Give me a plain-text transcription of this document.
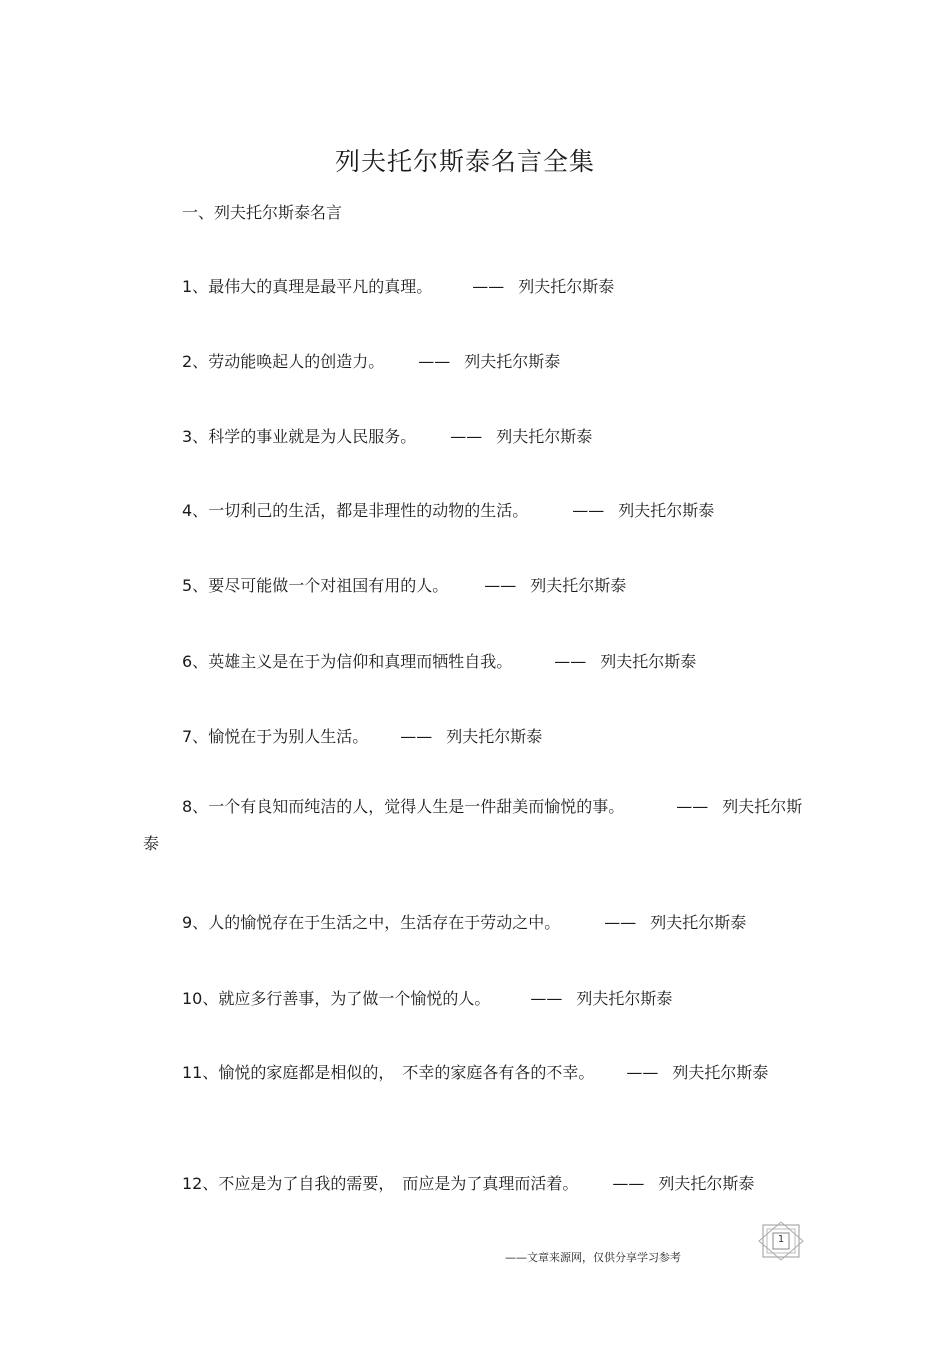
列夫托尔斯泰名言全集
一、列夫托尔斯泰名言

1、最伟大的真理是最平凡的真理。	—— 列夫托尔斯泰

2、劳动能唤起人的创造力。 —— 列夫托尔斯泰

3、科学的事业就是为人民服务。 —— 列夫托尔斯泰

4、一切利己的生活，都是非理性的动物的生活。	—— 列夫托尔斯泰

5、要尽可能做一个对祖国有用的人。 —— 列夫托尔斯泰

6、英雄主义是在于为信仰和真理而牺牲自我。	—— 列夫托尔斯泰

7、愉悦在于为别人生活。 —— 列夫托尔斯泰

8、一个有良知而纯洁的人，觉得人生是一件甜美而愉悦的事。	—— 列夫托尔斯泰

9、人的愉悦存在于生活之中，生活存在于劳动之中。	—— 列夫托尔斯泰

10、就应多行善事，为了做一个愉悦的人。	—— 列夫托尔斯泰

11、愉悦的家庭都是相似的，　不幸的家庭各有各的不幸。 —— 列夫托尔斯泰

12、不应是为了自我的需要，　而应是为了真理而活着。 —— 列夫托尔斯泰

——文章来源网，仅供分享学习参考
1
